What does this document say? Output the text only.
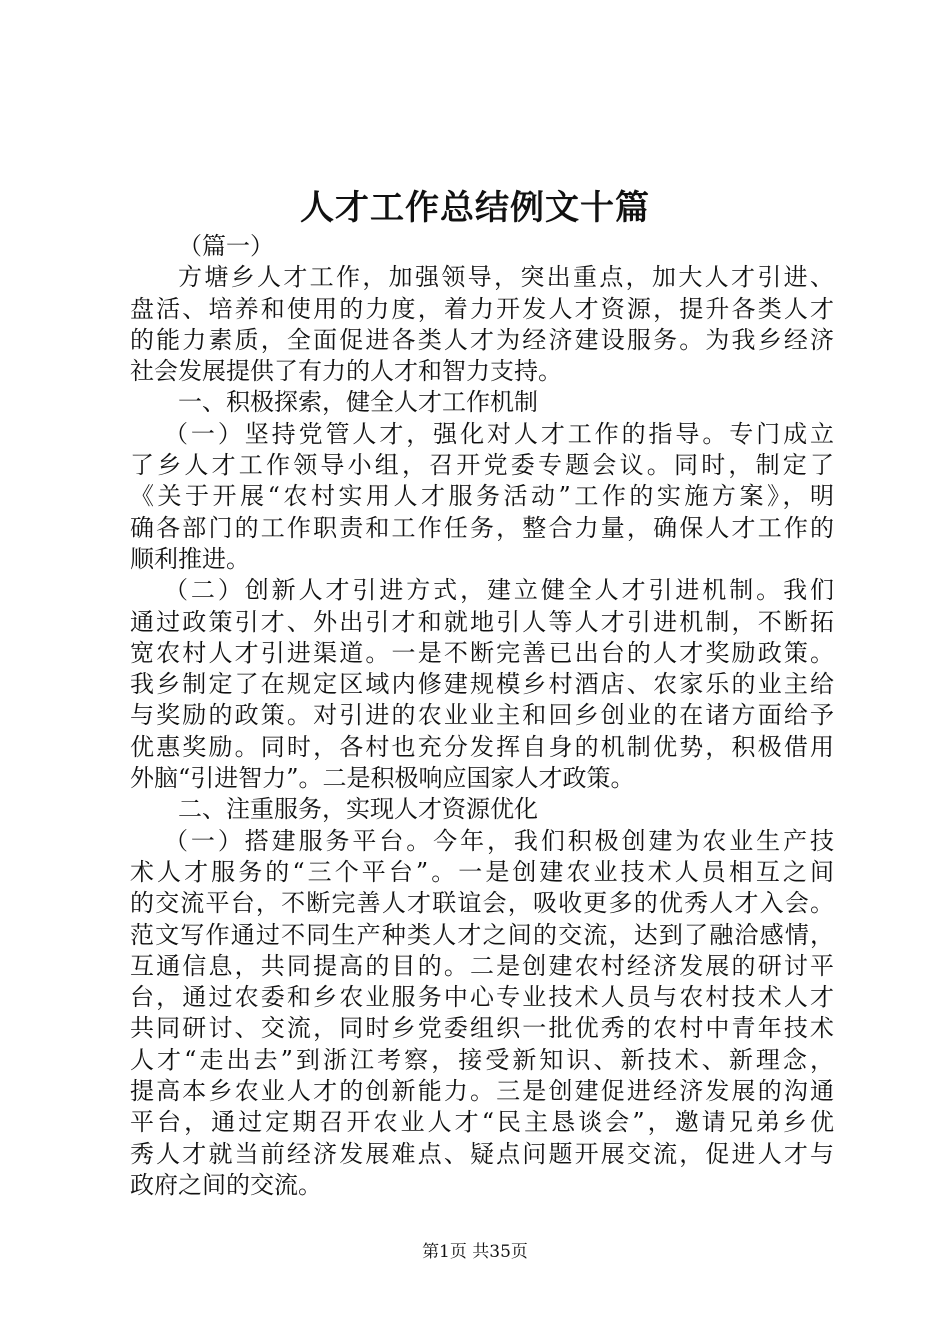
人才工作总结例文十篇
（篇一）
方塘乡人才工作，加强领导，突出重点，加大人才引进、
盘活、培养和使用的力度，着力开发人才资源，提升各类人才
的能力素质，全面促进各类人才为经济建设服务。为我乡经济
社会发展提供了有力的人才和智力支持。
一、积极探索，健全人才工作机制
（一）坚持党管人才，强化对人才工作的指导。专门成立
了乡人才工作领导小组，召开党委专题会议。同时，制定了
《关于开展“农村实用人才服务活动”工作的实施方案》，明
确各部门的工作职责和工作任务，整合力量，确保人才工作的
顺利推进。
（二）创新人才引进方式，建立健全人才引进机制。我们
通过政策引才、外出引才和就地引人等人才引进机制，不断拓
宽农村人才引进渠道。一是不断完善已出台的人才奖励政策。
我乡制定了在规定区域内修建规模乡村酒店、农家乐的业主给
与奖励的政策。对引进的农业业主和回乡创业的在诸方面给予
优惠奖励。同时，各村也充分发挥自身的机制优势，积极借用
外脑“引进智力”。二是积极响应国家人才政策。
二、注重服务，实现人才资源优化
（一）搭建服务平台。今年，我们积极创建为农业生产技
术人才服务的“三个平台”。一是创建农业技术人员相互之间
的交流平台，不断完善人才联谊会，吸收更多的优秀人才入会。
范文写作通过不同生产种类人才之间的交流，达到了融洽感情，
互通信息，共同提高的目的。二是创建农村经济发展的研讨平
台，通过农委和乡农业服务中心专业技术人员与农村技术人才
共同研讨、交流，同时乡党委组织一批优秀的农村中青年技术
人才“走出去”到浙江考察，接受新知识、新技术、新理念，
提高本乡农业人才的创新能力。三是创建促进经济发展的沟通
平台，通过定期召开农业人才“民主恳谈会”，邀请兄弟乡优
秀人才就当前经济发展难点、疑点问题开展交流，促进人才与
政府之间的交流。
第1页 共35页
